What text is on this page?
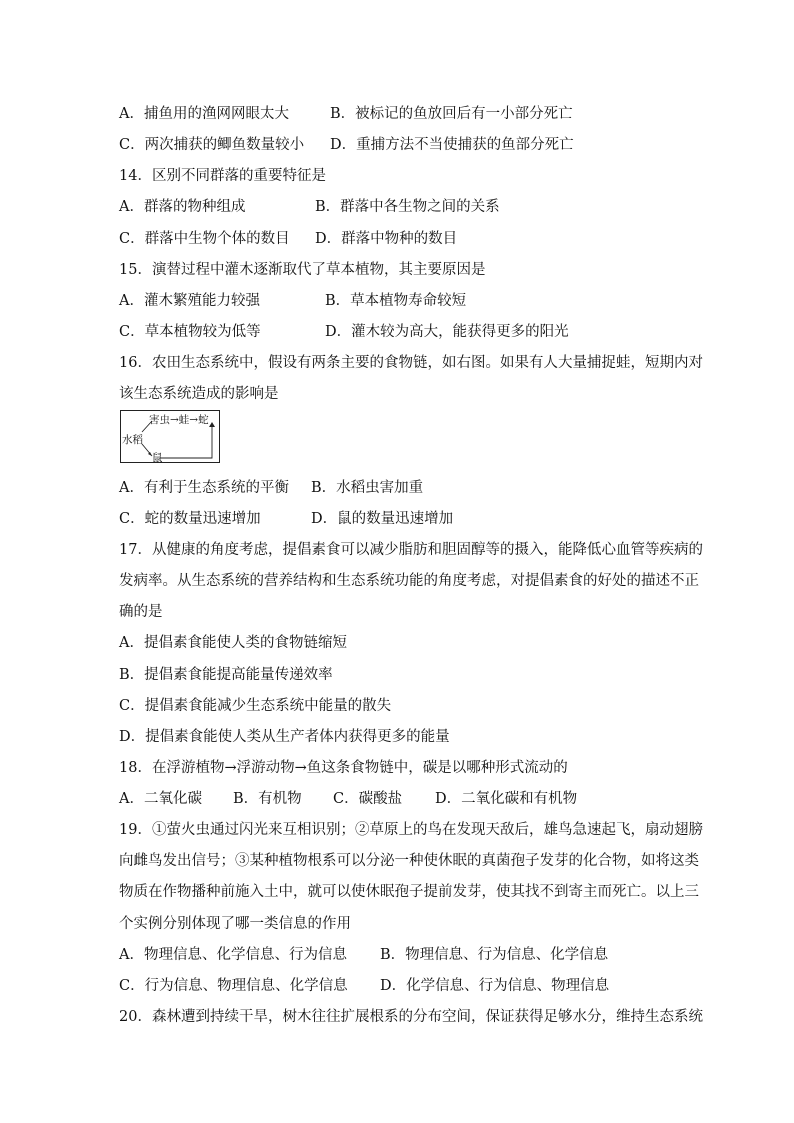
A．捕鱼用的渔网网眼太大	B．被标记的鱼放回后有一小部分死亡
C．两次捕获的鲫鱼数量较小 D．重捕方法不当使捕获的鱼部分死亡
14．区别不同群落的重要特征是
A．群落的物种组成	B．群落中各生物之间的关系
C．群落中生物个体的数目 D．群落中物种的数目
15．演替过程中灌木逐渐取代了草本植物，其主要原因是
A．灌木繁殖能力较强	B．草本植物寿命较短
C．草本植物较为低等	D．灌木较为高大，能获得更多的阳光
16．农田生态系统中，假设有两条主要的食物链，如右图。如果有人大量捕捉蛙，短期内对
该生态系统造成的影响是
水稻
害虫→蛙→蛇
鼠
A．有利于生态系统的平衡 B．水稻虫害加重
C．蛇的数量迅速增加	D．鼠的数量迅速增加
17．从健康的角度考虑，提倡素食可以减少脂肪和胆固醇等的摄入，能降低心血管等疾病的
发病率。从生态系统的营养结构和生态系统功能的角度考虑，对提倡素食的好处的描述不正
确的是
A．提倡素食能使人类的食物链缩短
B．提倡素食能提高能量传递效率
C．提倡素食能减少生态系统中能量的散失
D．提倡素食能使人类从生产者体内获得更多的能量
18．在浮游植物→浮游动物→鱼这条食物链中，碳是以哪种形式流动的
A．二氧化碳 B．有机物 C．碳酸盐 D．二氧化碳和有机物
19．①萤火虫通过闪光来互相识别；②草原上的鸟在发现天敌后，雄鸟急速起飞，扇动翅膀
向雌鸟发出信号；③某种植物根系可以分泌一种使休眠的真菌孢子发芽的化合物，如将这类
物质在作物播种前施入土中，就可以使休眠孢子提前发芽，使其找不到寄主而死亡。以上三
个实例分别体现了哪一类信息的作用
A．物理信息、化学信息、行为信息 B．物理信息、行为信息、化学信息
C．行为信息、物理信息、化学信息 D．化学信息、行为信息、物理信息
20．森林遭到持续干旱，树木往往扩展根系的分布空间，保证获得足够水分，维持生态系统
